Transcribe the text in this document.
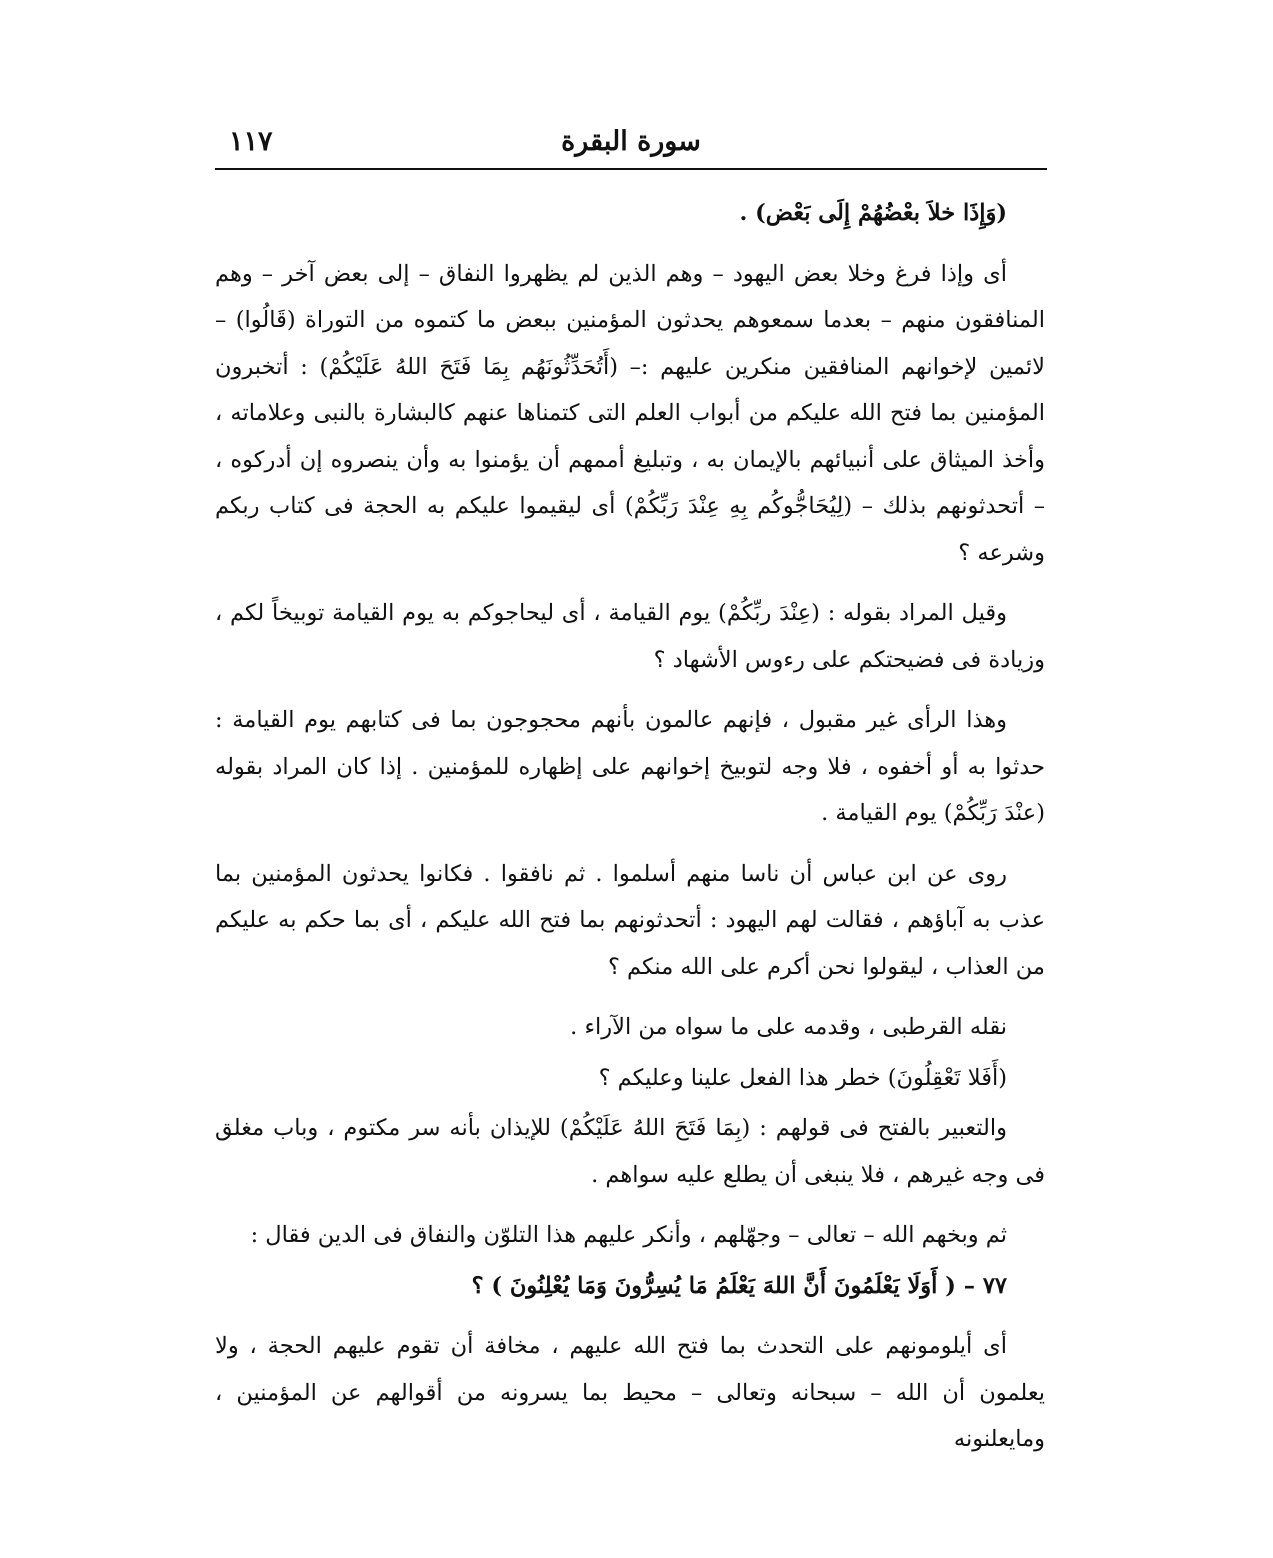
سورة البقرة
١١٧

(وَإِذَا خلاَ بعْضُهُمْ إِلَى بَعْض) .

أى وإذا فرغ وخلا بعض اليهود – وهم الذين لم يظهروا النفاق – إلى بعض آخر – وهم المنافقون منهم – بعدما سمعوهم يحدثون المؤمنين ببعض ما كتموه من التوراة (قَالُوا) – لائمين لإخوانهم المنافقين منكرين عليهم :– (أَتُحَدِّثُونَهُم بِمَا فَتَحَ اللهُ عَلَيْكُمْ) : أتخبرون المؤمنين بما فتح الله عليكم من أبواب العلم التى كتمناها عنهم كالبشارة بالنبى وعلاماته ، وأخذ الميثاق على أنبيائهم بالإيمان به ، وتبليغ أممهم أن يؤمنوا به وأن ينصروه إن أدركوه ، – أتحدثونهم بذلك – (لِيُحَاجُّوكُم بِهِ عِنْدَ رَبِّكُمْ) أى ليقيموا عليكم به الحجة فى كتاب ربكم وشرعه ؟

وقيل المراد بقوله : (عِنْدَ ربِّكُمْ) يوم القيامة ، أى ليحاجوكم به يوم القيامة توبيخاً لكم ، وزيادة فى فضيحتكم على رءوس الأشهاد ؟

وهذا الرأى غير مقبول ، فإنهم عالمون بأنهم محجوجون بما فى كتابهم يوم القيامة : حدثوا به أو أخفوه ، فلا وجه لتوبيخ إخوانهم على إظهاره للمؤمنين . إذا كان المراد بقوله (عنْدَ رَبِّكُمْ) يوم القيامة .

روى عن ابن عباس أن ناسا منهم أسلموا . ثم نافقوا . فكانوا يحدثون المؤمنين بما عذب به آباؤهم ، فقالت لهم اليهود : أتحدثونهم بما فتح الله عليكم ، أى بما حكم به عليكم من العذاب ، ليقولوا نحن أكرم على الله منكم ؟

نقله القرطبى ، وقدمه على ما سواه من الآراء .

(أَفَلا تَعْقِلُونَ) خطر هذا الفعل علينا وعليكم ؟

والتعبير بالفتح فى قولهم : (بِمَا فَتَحَ اللهُ عَلَيْكُمْ) للإيذان بأنه سر مكتوم ، وباب مغلق فى وجه غيرهم ، فلا ينبغى أن يطلع عليه سواهم .

ثم وبخهم الله – تعالى – وجهّلهم ، وأنكر عليهم هذا التلوّن والنفاق فى الدين فقال :

٧٧ – ( أَوَلَا يَعْلَمُونَ أَنَّ اللهَ يَعْلَمُ مَا يُسِرُّونَ وَمَا يُعْلِنُونَ ) ؟

أى أيلومونهم على التحدث بما فتح الله عليهم ، مخافة أن تقوم عليهم الحجة ، ولا يعلمون أن الله – سبحانه وتعالى – محيط بما يسرونه من أقوالهم عن المؤمنين ، ومايعلنونه
